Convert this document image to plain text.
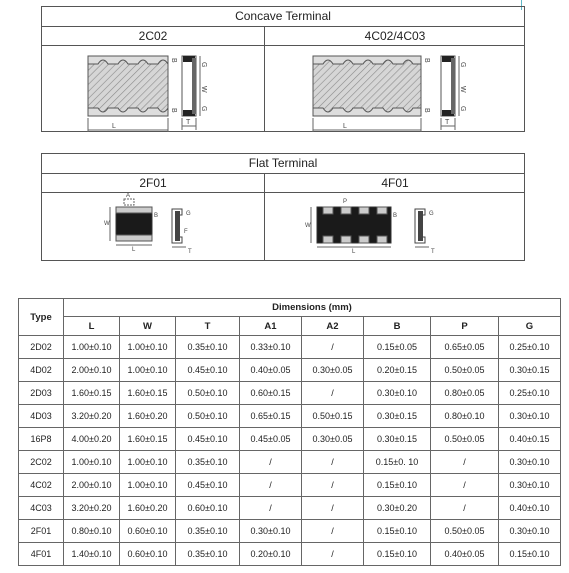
Concave Terminal
2C02
L
B
B
T
W
G
G
4C02/4C03
L
B
B
T
W
G
G
Flat Terminal
2F01
A
W
L
B	G
F
T
4F01
P
W
L
B	G
T
Type	Dimensions (mm)							
	L	W	T	A1	A2	B	P	G
2D02	1.00±0.10	1.00±0.10	0.35±0.10	0.33±0.10	/	0.15±0.05	0.65±0.05	0.25±0.10
4D02	2.00±0.10	1.00±0.10	0.45±0.10	0.40±0.05	0.30±0.05	0.20±0.15	0.50±0.05	0.30±0.15
2D03	1.60±0.15	1.60±0.15	0.50±0.10	0.60±0.15	/	0.30±0.10	0.80±0.05	0.25±0.10
4D03	3.20±0.20	1.60±0.20	0.50±0.10	0.65±0.15	0.50±0.15	0.30±0.15	0.80±0.10	0.30±0.10
16P8	4.00±0.20	1.60±0.15	0.45±0.10	0.45±0.05	0.30±0.05	0.30±0.15	0.50±0.05	0.40±0.15
2C02	1.00±0.10	1.00±0.10	0.35±0.10	/	/	0.15±0. 10	/	0.30±0.10
4C02	2.00±0.10	1.00±0.10	0.45±0.10	/	/	0.15±0.10	/	0.30±0.10
4C03	3.20±0.20	1.60±0.20	0.60±0.10	/	/	0.30±0.20	/	0.40±0.10
2F01	0.80±0.10	0.60±0.10	0.35±0.10	0.30±0.10	/	0.15±0.10	0.50±0.05	0.30±0.10
4F01	1.40±0.10	0.60±0.10	0.35±0.10	0.20±0.10	/	0.15±0.10	0.40±0.05	0.15±0.10
